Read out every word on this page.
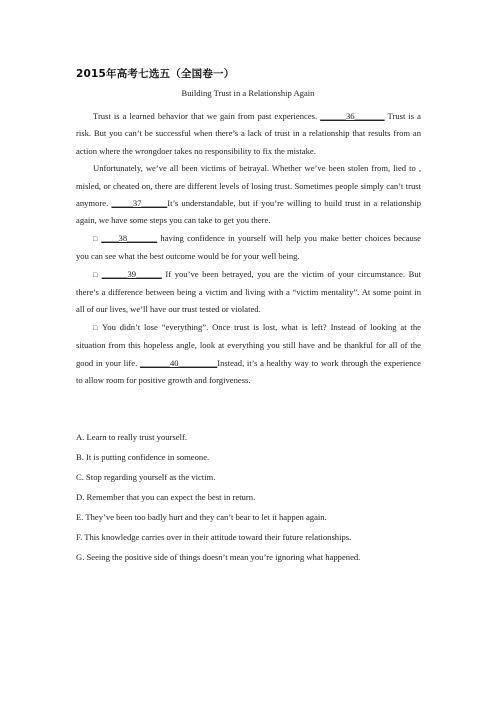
2015年高考七选五（全国卷一）
Building Trust in a Relationship Again

Trust is a learned behavior that we gain from past experiences. ______36_______ Trust is a risk. But you can’t be successful when there’s a lack of trust in a relationship that results from an action where the wrongdoer takes no responsibility to fix the mistake.

Unfortunately, we’ve all been victims of betrayal. Whether we’ve been stolen from, lied to , misled, or cheated on, there are different levels of losing trust. Sometimes people simply can’t trust anymore. _____37______It’s understandable, but if you’re willing to build trust in a relationship again, we have some steps you can take to get you there.

□ ____38_______ having confidence in yourself will help you make better choices because you can see what the best outcome would be for your well being.

□ ______39______ If you’ve been betrayed, you are the victim of your circumstance. But there’s a difference between being a victim and living with a “victim mentality”. At some point in all of our lives, we’ll have our trust tested or violated.

□ You didn’t lose “everything”. Once trust is lost, what is left? Instead of looking at the situation from this hopeless angle, look at everything you still have and be thankful for all of the good in your life. _______40_________Instead, it’s a healthy way to work through the experience to allow room for positive growth and forgiveness.

A. Learn to really trust yourself.
B. It is putting confidence in someone.
C. Stop regarding yourself as the victim.
D. Remember that you can expect the best in return.
E. They’ve been too badly hurt and they can’t bear to let it happen again.
F. This knowledge carries over in their attitude toward their future relationships.
G. Seeing the positive side of things doesn’t mean you’re ignoring what happened.
